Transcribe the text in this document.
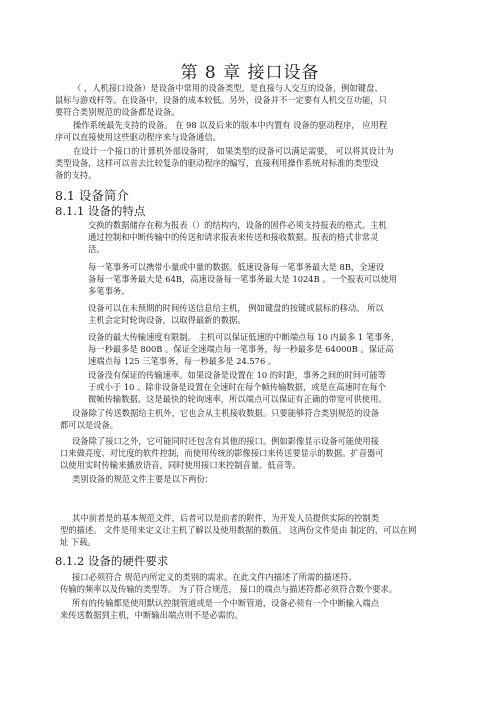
第 8 章 接口设备
（ ，人机接口设备）是设备中常用的设备类型，是直接与人交互的设备，例如键盘、
鼠标与游戏杆等。在设备中，设备的成本较低。另外，设备并不一定要有人机交互功能，只
要符合类别规范的设备都是设备。
操作系统最先支持的设备。 在 98 以及后来的版本中内置有 设备的驱动程序， 应用程
序可以直接使用这些驱动程序来与设备通信。
在设计一个接口的计算机外部设备时， 如果类型的设备可以满足需要， 可以将其设计为
类型设备，这样可以省去比较复杂的驱动程序的编写，直接利用操作系统对标准的类型设
备的支持。
8.1 设备简介
8.1.1 设备的特点
交换的数据储存在称为报表（）的结构内，设备的固件必须支持报表的格式。主机
通过控制和中断传输中的传送和请求报表来传送和接收数据。报表的格式非常灵
活。
每一笔事务可以携带小量或中量的数据。低速设备每一笔事务最大是 8B，全速设
备每一笔事务最大是 64B，高速设备每一笔事务最大是 1024B 。一个报表可以使用
多笔事务。
设备可以在未预期的时间传送信息给主机， 例如键盘的按键或鼠标的移动。 所以
主机会定时轮询设备，以取得最新的数据。
设备的最大传输速度有限制。 主机可以保证低速的中断端点每 10 内最多 1 笔事务，
每一秒最多是 800B 。保证全速端点每一笔事务，每一秒最多是 64000B 。保证高
速端点每 125 三笔事务，每一秒最多是 24.576 。
设备没有保证的传输速率。如果设备是设置在 10 的时距，事务之间的时间可能等
于或小于 10 。除非设备是设置在全速时在每个帧传输数据，或是在高速时在每个
微帧传输数据。这是最快的轮询速率，所以端点可以保证有正确的带宽可供使用。
设备除了传送数据给主机外，它也会从主机接收数据。只要能够符合类别规范的设备
都可以是设备。
设备除了接口之外，它可能同时还包含有其他的接口。例如影像显示设备可能使用接
口来做亮度、对比度的软件控制，而使用传统的影像接口来传送要显示的数据。扩音器可
以使用实时传输来播放语音，同时使用接口来控制音量、低音等。
类别设备的规范文件主要是以下两份：
其中前者是的基本规范文件，后者可以是前者的附件，为开发人员提供实际的控制类
型的描述。 文件是用来定义让主机了解以及使用数据的数值。 这两份文件是由 制定的，可以在网
址 下载。
8.1.2 设备的硬件要求
接口必须符合 规范内所定义的类别的需求。在此文件内描述了所需的描述符、
传输的频率以及传输的类型等。 为了符合规范， 接口的端点与描述符都必须符合数个要求。
所有的传输都是使用默认控制管道或是一个中断管道，设备必须有一个中断输入端点
来传送数据到主机，中断输出端点则不是必需的。
